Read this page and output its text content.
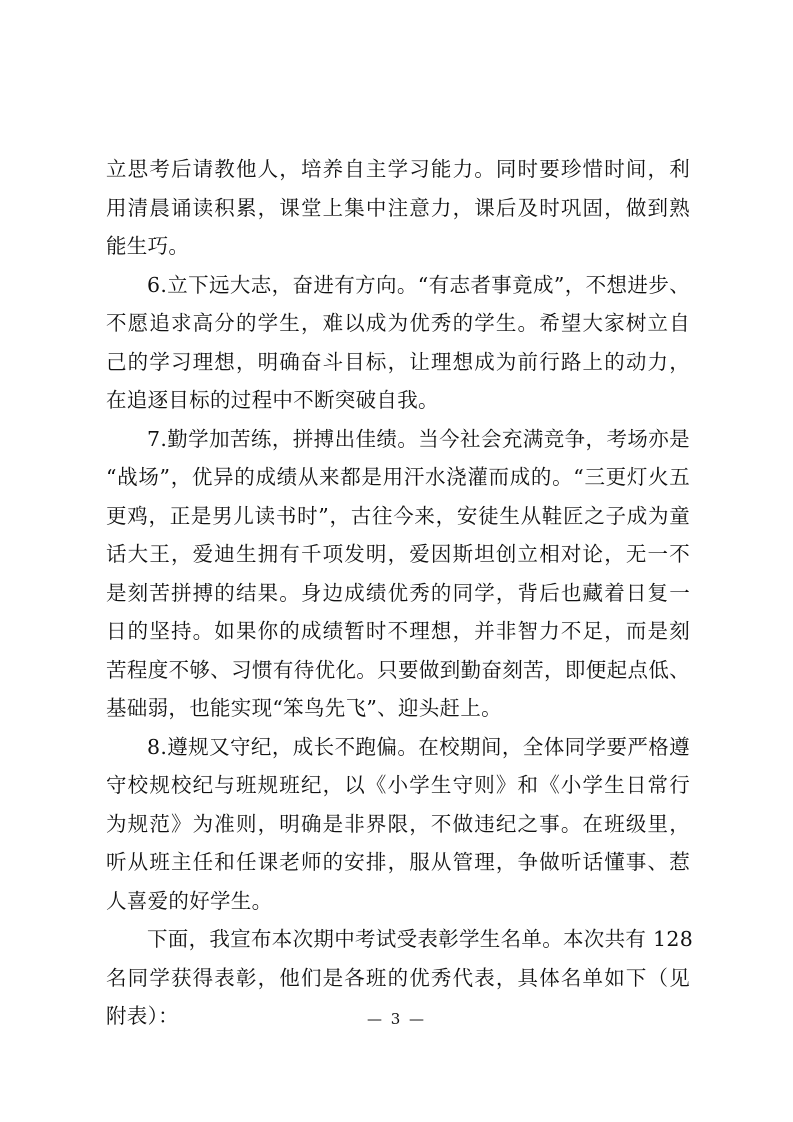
立思考后请教他人，培养自主学习能力。同时要珍惜时间，利
用清晨诵读积累，课堂上集中注意力，课后及时巩固，做到熟
能生巧。
6.立下远大志，奋进有方向。“有志者事竟成”，不想进步、
不愿追求高分的学生，难以成为优秀的学生。希望大家树立自
己的学习理想，明确奋斗目标，让理想成为前行路上的动力，
在追逐目标的过程中不断突破自我。
7.勤学加苦练，拼搏出佳绩。当今社会充满竞争，考场亦是
“战场”，优异的成绩从来都是用汗水浇灌而成的。“三更灯火五
更鸡，正是男儿读书时”，古往今来，安徒生从鞋匠之子成为童
话大王，爱迪生拥有千项发明，爱因斯坦创立相对论，无一不
是刻苦拼搏的结果。身边成绩优秀的同学，背后也藏着日复一
日的坚持。如果你的成绩暂时不理想，并非智力不足，而是刻
苦程度不够、习惯有待优化。只要做到勤奋刻苦，即便起点低、
基础弱，也能实现“笨鸟先飞”、迎头赶上。
8.遵规又守纪，成长不跑偏。在校期间，全体同学要严格遵
守校规校纪与班规班纪，以《小学生守则》和《小学生日常行
为规范》为准则，明确是非界限，不做违纪之事。在班级里，
听从班主任和任课老师的安排，服从管理，争做听话懂事、惹
人喜爱的好学生。
下面，我宣布本次期中考试受表彰学生名单。本次共有 128
名同学获得表彰，他们是各班的优秀代表，具体名单如下（见
附表）：	— 3 —
